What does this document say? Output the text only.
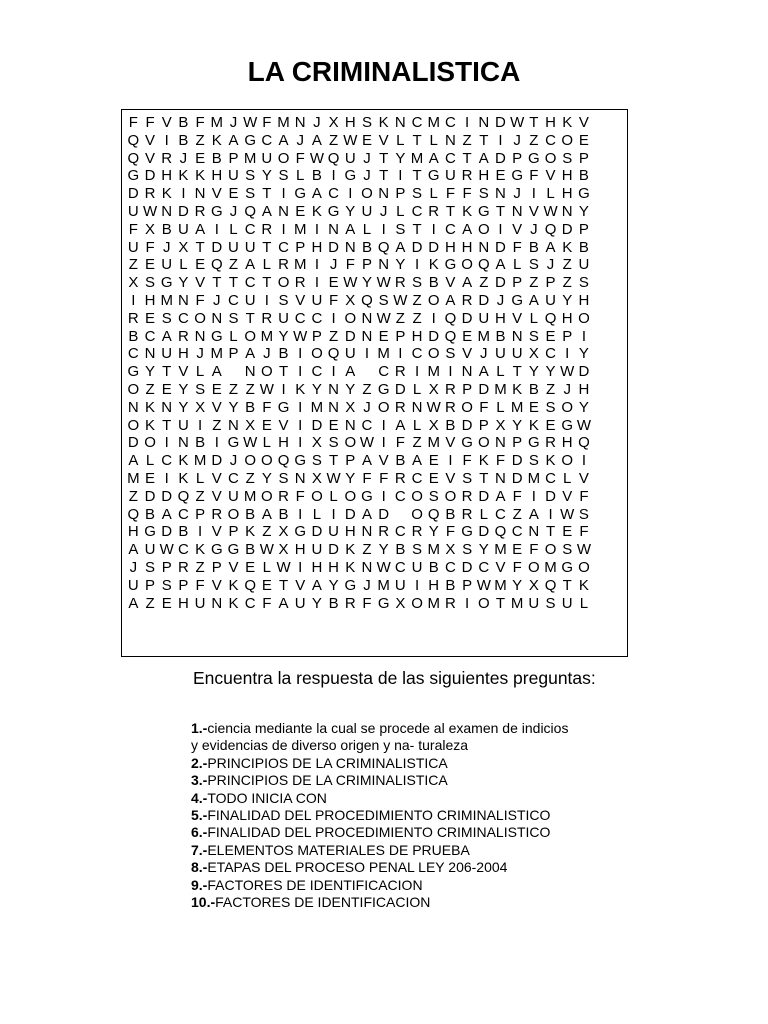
LA CRIMINALISTICA
F F V B F M J W F M N J X H S K N C M C I N D W T H K V
Q V I B Z K A G C A J A Z W E V L T L N Z T I J Z C O E
Q V R J E B P M U O F W Q U J T Y M A C T A D P G O S P
G D H K K H U S Y S L B I G J T I T G U R H E G F V H B
D R K I N V E S T I G A C I O N P S L F F S N J I L H G
U W N D R G J Q A N E K G Y U J L C R T K G T N V W N Y
F X B U A I L C R I M I N A L I S T I C A O I V J Q D P
U F J X T D U U T C P H D N B Q A D D H H N D F B A K B
Z E U L E Q Z A L R M I J F P N Y I K G O Q A L S J Z U
X S G Y V T T C T O R I E W Y W R S B V A Z D P Z P Z S
I H M N F J C U I S V U F X Q S W Z O A R D J G A U Y H
R E S C O N S T R U C C I O N W Z Z I Q D U H V L Q H O
B C A R N G L O M Y W P Z D N E P H D Q E M B N S E P I
C N U H J M P A J B I O Q U I M I C O S V J U U X C I Y
G Y T V L A
N O T I C I A
C R I M I N A L T Y Y W D
O Z E Y S E Z Z W I K Y N Y Z G D L X R P D M K B Z J H
N K N Y X V Y B F G I M N X J O R N W R O F L M E S O Y
O K T U I Z N X E V I D E N C I A L X B D P X Y K E G W
D O I N B I G W L H I X S O W I F Z M V G O N P G R H Q
A L C K M D J O O Q G S T P A V B A E I F K F D S K O I
M E I K L V C Z Y S N X W Y F F R C E V S T N D M C L V
Z D D Q Z V U M O R F O L O G I C O S O R D A F I D V F
Q B A C P R O B A B I L I D A D
O Q B R L C Z A I W S
H G D B I V P K Z X G D U H N R C R Y F G D Q C N T E F
A U W C K G G B W X H U D K Z Y B S M X S Y M E F O S W
J S P R Z P V E L W I H H K N W C U B C D C V F O M G O
U P S P F V K Q E T V A Y G J M U I H B P W M Y X Q T K
A Z E H U N K C F A U Y B R F G X O M R I O T M U S U L
Encuentra la respuesta de las siguientes preguntas:
1.-ciencia mediante la cual se procede al examen de indicios y evidencias de diverso origen y na- turaleza
2.-PRINCIPIOS DE LA CRIMINALISTICA
3.-PRINCIPIOS DE LA CRIMINALISTICA
4.-TODO INICIA CON
5.-FINALIDAD DEL PROCEDIMIENTO CRIMINALISTICO
6.-FINALIDAD DEL PROCEDIMIENTO CRIMINALISTICO
7.-ELEMENTOS MATERIALES DE PRUEBA
8.-ETAPAS DEL PROCESO PENAL LEY 206-2004
9.-FACTORES DE IDENTIFICACION
10.-FACTORES DE IDENTIFICACION
